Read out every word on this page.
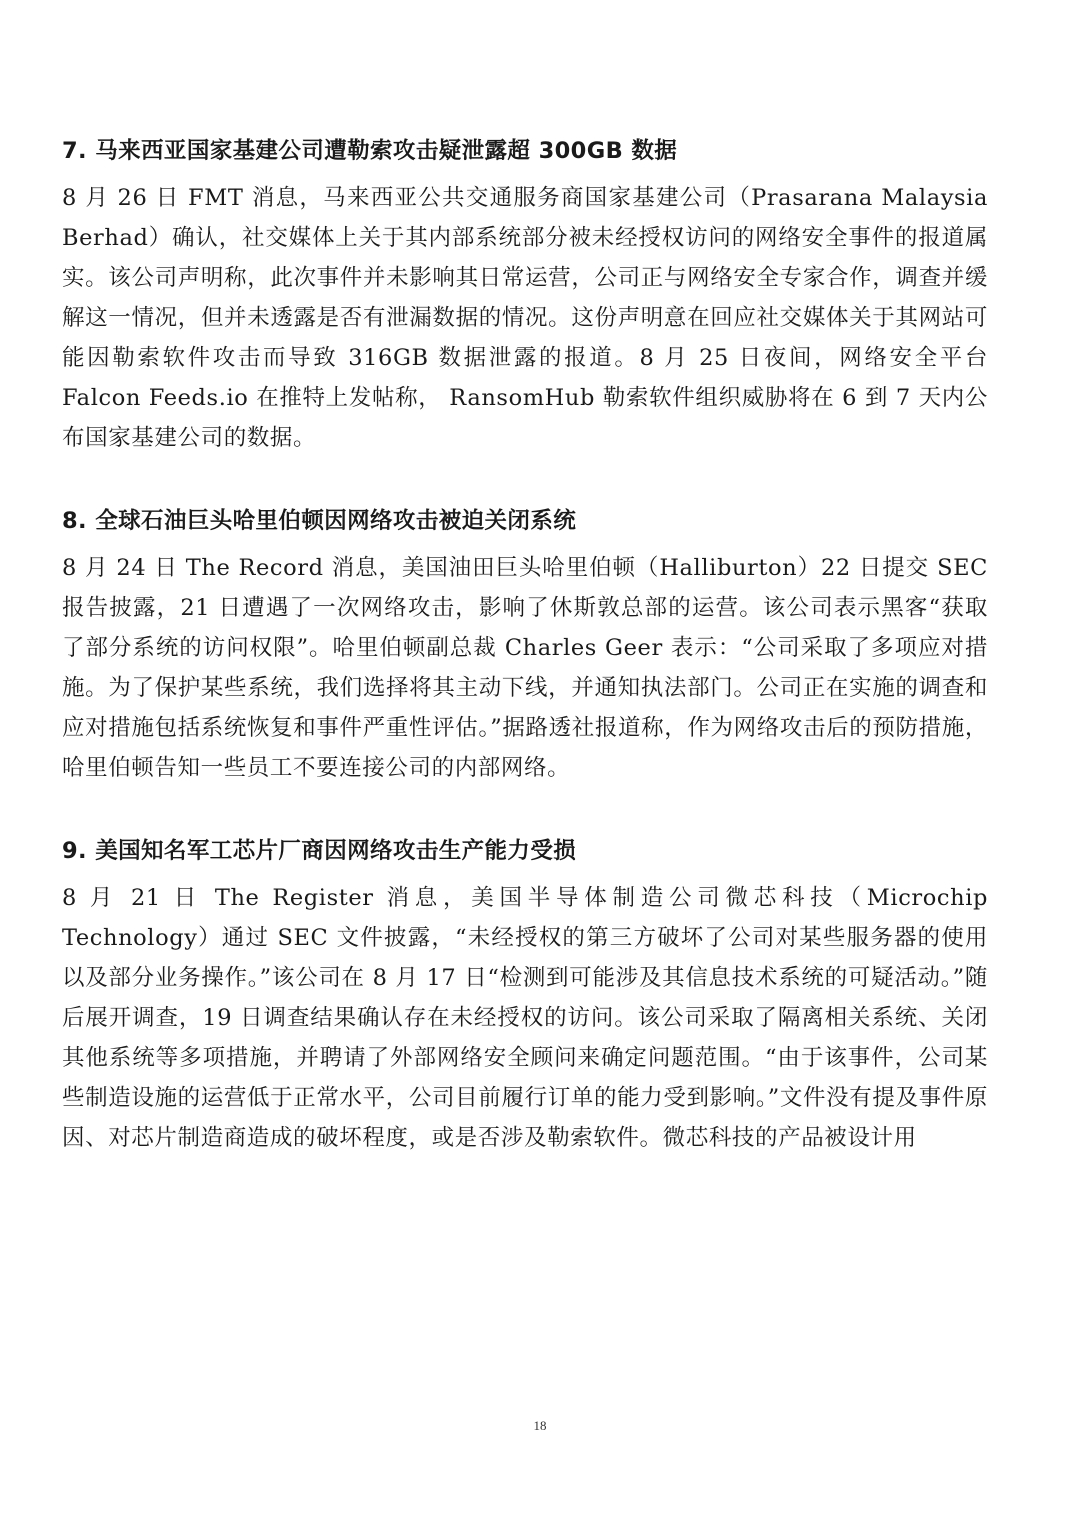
7. 马来西亚国家基建公司遭勒索攻击疑泄露超 300GB 数据

8 月 26 日 FMT 消息，马来西亚公共交通服务商国家基建公司（Prasarana Malaysia Berhad）确认，社交媒体上关于其内部系统部分被未经授权访问的网络安全事件的报道属实。该公司声明称，此次事件并未影响其日常运营，公司正与网络安全专家合作，调查并缓解这一情况，但并未透露是否有泄漏数据的情况。这份声明意在回应社交媒体关于其网站可能因勒索软件攻击而导致 316GB 数据泄露的报道。8 月 25 日夜间，网络安全平台 Falcon Feeds.io 在推特上发帖称， RansomHub 勒索软件组织威胁将在 6 到 7 天内公布国家基建公司的数据。

8. 全球石油巨头哈里伯顿因网络攻击被迫关闭系统

8 月 24 日 The Record 消息，美国油田巨头哈里伯顿（Halliburton）22 日提交 SEC 报告披露，21 日遭遇了一次网络攻击，影响了休斯敦总部的运营。该公司表示黑客“获取了部分系统的访问权限”。哈里伯顿副总裁 Charles Geer 表示：“公司采取了多项应对措施。为了保护某些系统，我们选择将其主动下线，并通知执法部门。公司正在实施的调查和应对措施包括系统恢复和事件严重性评估。”据路透社报道称，作为网络攻击后的预防措施，哈里伯顿告知一些员工不要连接公司的内部网络。

9. 美国知名军工芯片厂商因网络攻击生产能力受损

8 月 21 日 The Register 消息，美国半导体制造公司微芯科技（Microchip Technology）通过 SEC 文件披露，“未经授权的第三方破坏了公司对某些服务器的使用以及部分业务操作。”该公司在 8 月 17 日“检测到可能涉及其信息技术系统的可疑活动。”随后展开调查，19 日调查结果确认存在未经授权的访问。该公司采取了隔离相关系统、关闭其他系统等多项措施，并聘请了外部网络安全顾问来确定问题范围。“由于该事件，公司某些制造设施的运营低于正常水平，公司目前履行订单的能力受到影响。”文件没有提及事件原因、对芯片制造商造成的破坏程度，或是否涉及勒索软件。微芯科技的产品被设计用

18
